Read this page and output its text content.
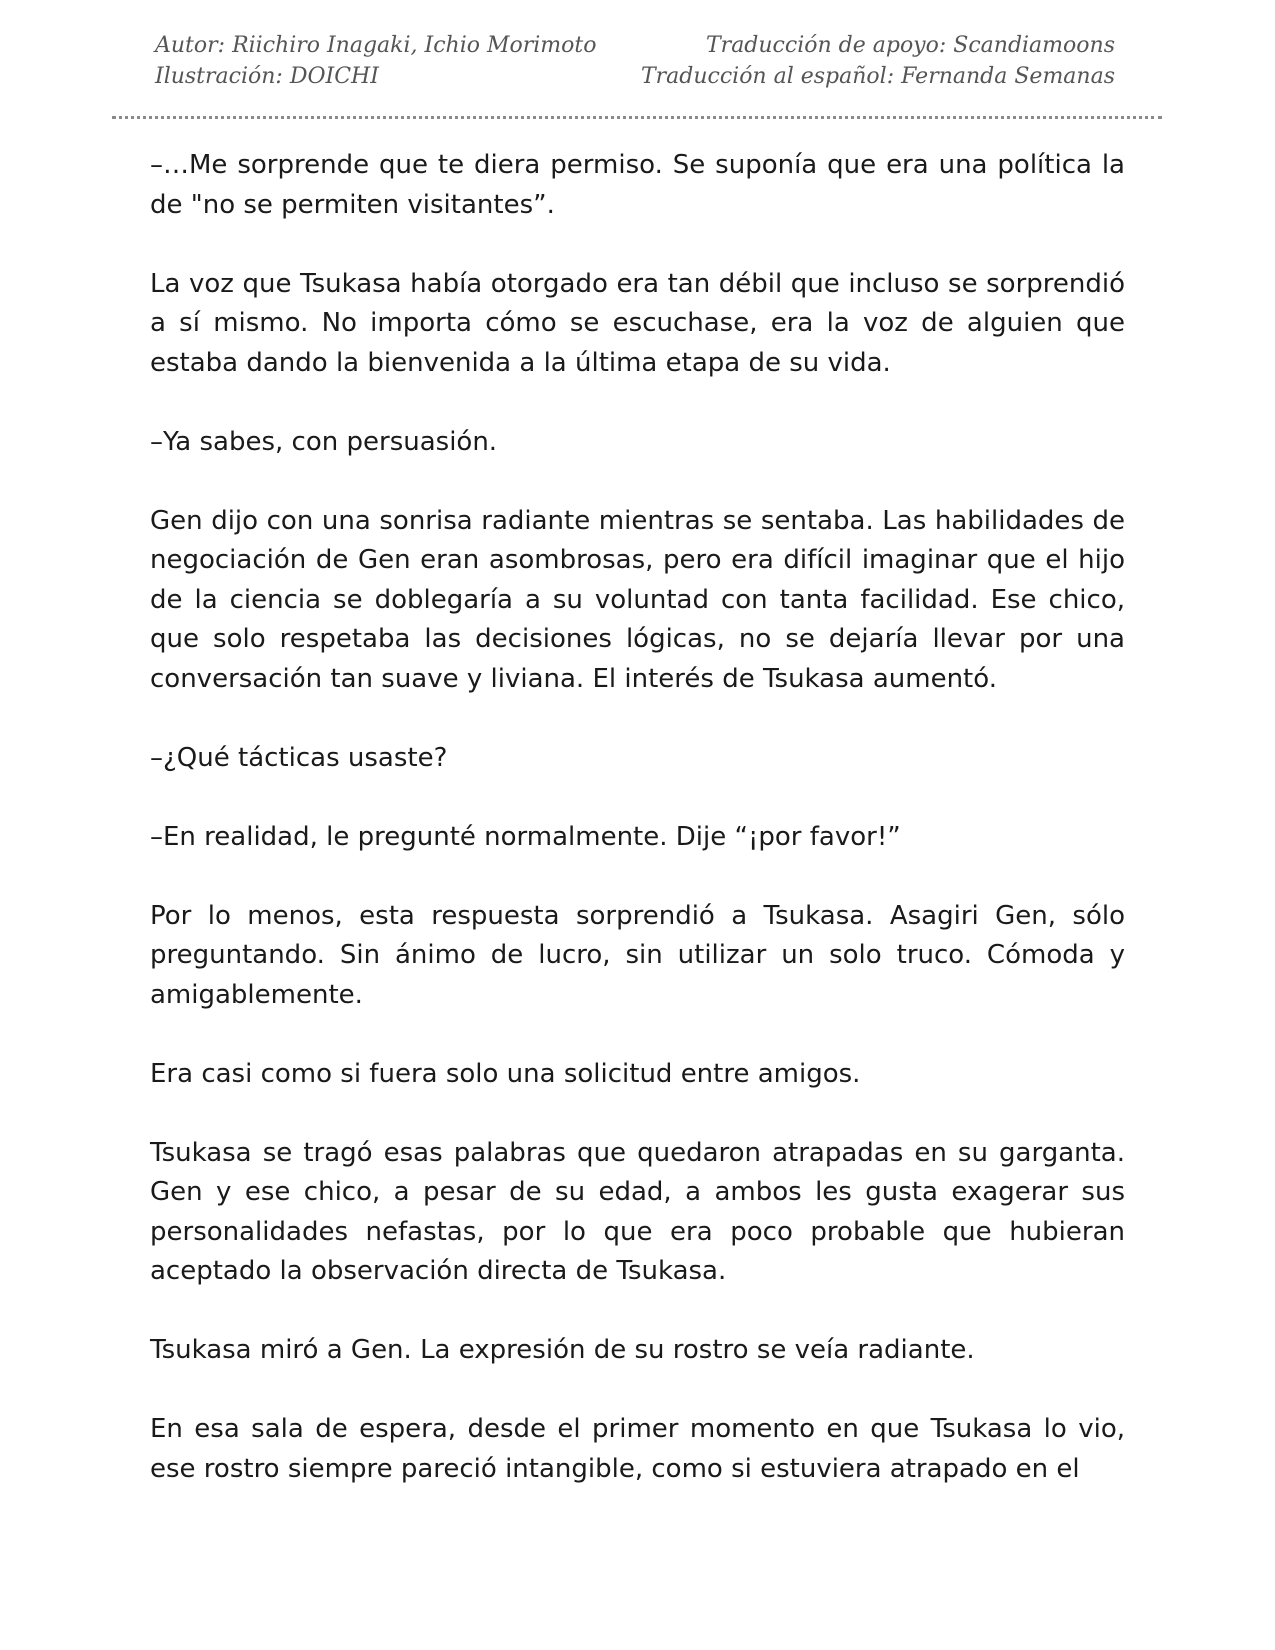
Autor: Riichiro Inagaki, Ichio Morimoto
Ilustración: DOICHI
Traducción de apoyo: Scandiamoons
Traducción al español: Fernanda Semanas

–…Me sorprende que te diera permiso. Se suponía que era una política la de "no se permiten visitantes”.

La voz que Tsukasa había otorgado era tan débil que incluso se sorprendió a sí mismo. No importa cómo se escuchase, era la voz de alguien que estaba dando la bienvenida a la última etapa de su vida.

–Ya sabes, con persuasión.

Gen dijo con una sonrisa radiante mientras se sentaba. Las habilidades de negociación de Gen eran asombrosas, pero era difícil imaginar que el hijo de la ciencia se doblegaría a su voluntad con tanta facilidad. Ese chico, que solo respetaba las decisiones lógicas, no se dejaría llevar por una conversación tan suave y liviana. El interés de Tsukasa aumentó.

–¿Qué tácticas usaste?

–En realidad, le pregunté normalmente. Dije “¡por favor!”

Por lo menos, esta respuesta sorprendió a Tsukasa. Asagiri Gen, sólo preguntando. Sin ánimo de lucro, sin utilizar un solo truco. Cómoda y amigablemente.

Era casi como si fuera solo una solicitud entre amigos.

Tsukasa se tragó esas palabras que quedaron atrapadas en su garganta. Gen y ese chico, a pesar de su edad, a ambos les gusta exagerar sus personalidades nefastas, por lo que era poco probable que hubieran aceptado la observación directa de Tsukasa.

Tsukasa miró a Gen. La expresión de su rostro se veía radiante.

En esa sala de espera, desde el primer momento en que Tsukasa lo vio, ese rostro siempre pareció intangible, como si estuviera atrapado en el
